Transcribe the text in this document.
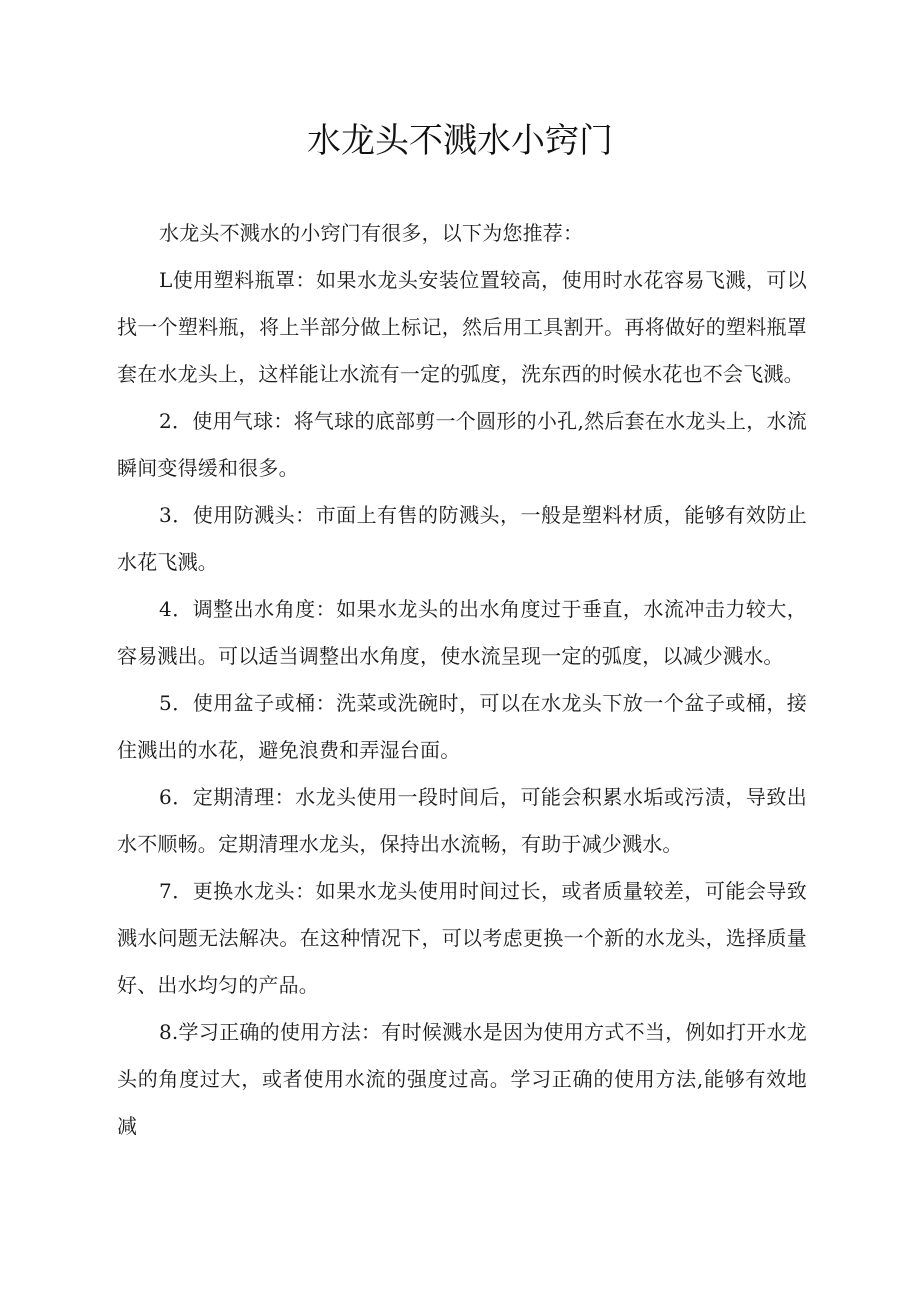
水龙头不溅水小窍门

水龙头不溅水的小窍门有很多，以下为您推荐：

L使用塑料瓶罩：如果水龙头安装位置较高，使用时水花容易飞溅，可以找一个塑料瓶，将上半部分做上标记，然后用工具割开。再将做好的塑料瓶罩套在水龙头上，这样能让水流有一定的弧度，洗东西的时候水花也不会飞溅。

2．使用气球：将气球的底部剪一个圆形的小孔,然后套在水龙头上，水流瞬间变得缓和很多。

3．使用防溅头：市面上有售的防溅头，一般是塑料材质，能够有效防止水花飞溅。

4．调整出水角度：如果水龙头的出水角度过于垂直，水流冲击力较大，容易溅出。可以适当调整出水角度，使水流呈现一定的弧度，以减少溅水。

5．使用盆子或桶：洗菜或洗碗时，可以在水龙头下放一个盆子或桶，接住溅出的水花，避免浪费和弄湿台面。

6．定期清理：水龙头使用一段时间后，可能会积累水垢或污渍，导致出水不顺畅。定期清理水龙头，保持出水流畅，有助于减少溅水。

7．更换水龙头：如果水龙头使用时间过长，或者质量较差，可能会导致溅水问题无法解决。在这种情况下，可以考虑更换一个新的水龙头，选择质量好、出水均匀的产品。

8.学习正确的使用方法：有时候溅水是因为使用方式不当，例如打开水龙头的角度过大，或者使用水流的强度过高。学习正确的使用方法,能够有效地减
